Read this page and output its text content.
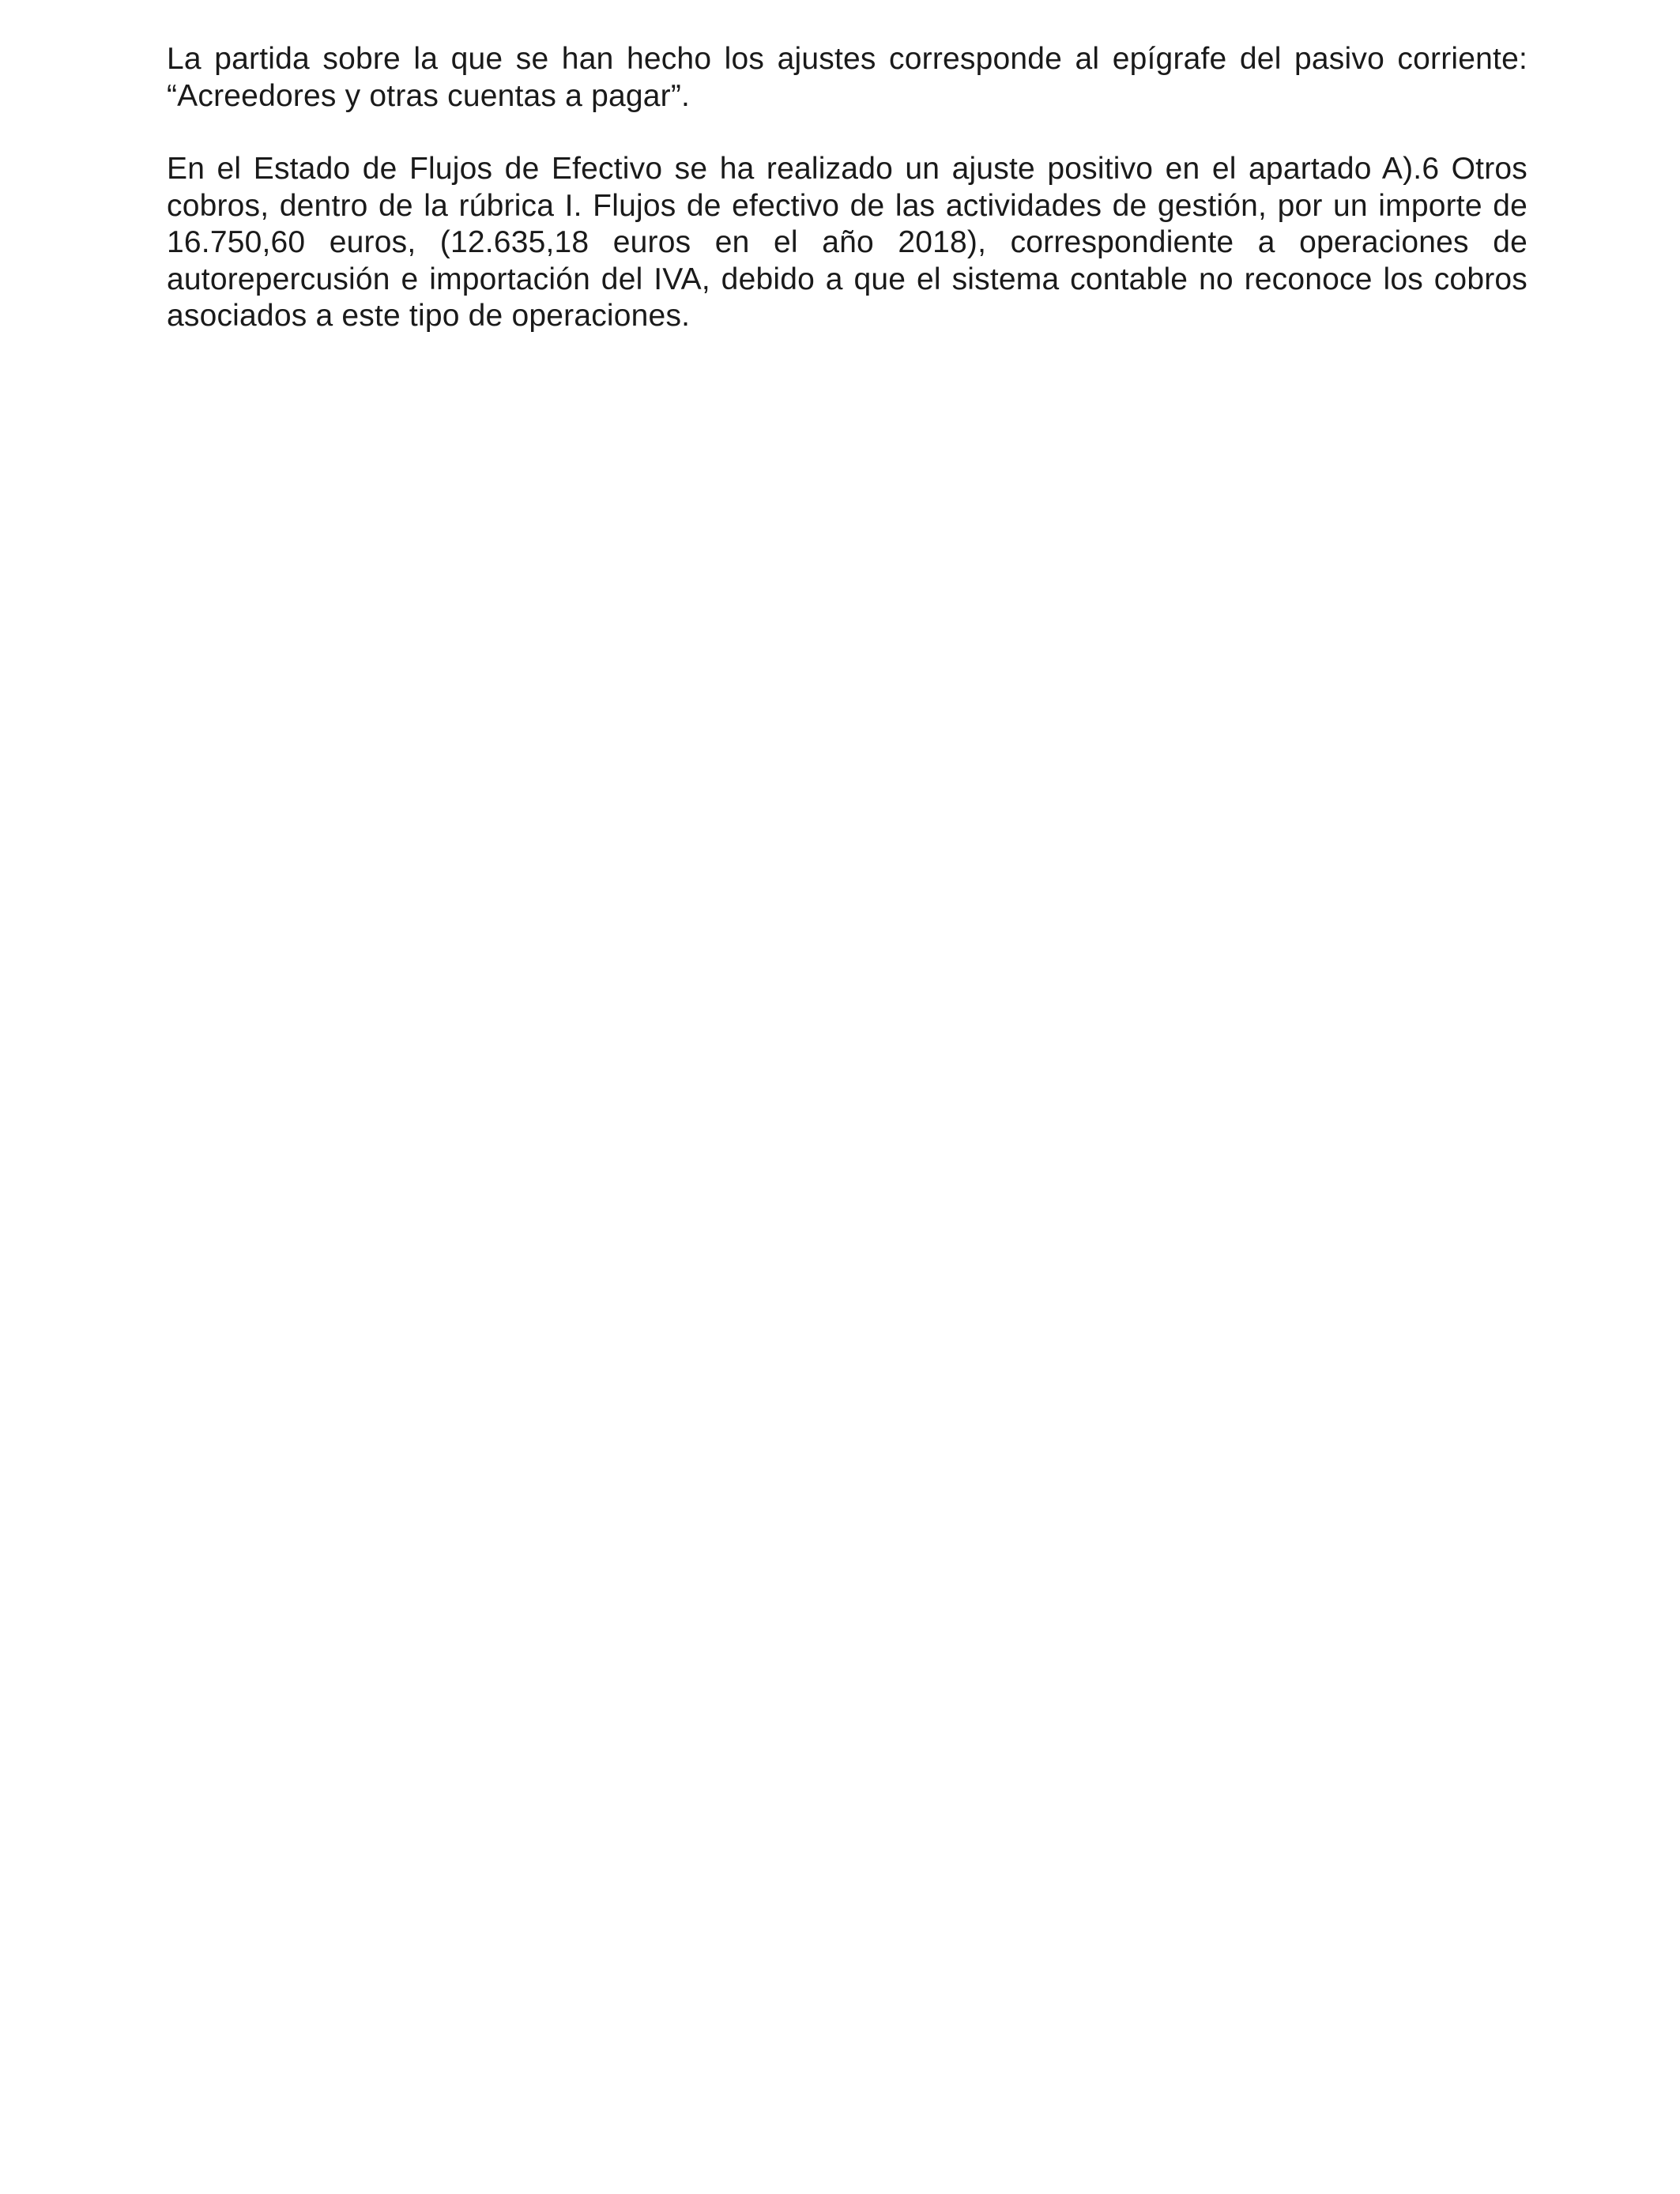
La partida sobre la que se han hecho los ajustes corresponde al epígrafe del pasivo corriente: “Acreedores y otras cuentas a pagar”.

En el Estado de Flujos de Efectivo se ha realizado un ajuste positivo en el apartado A).6 Otros cobros, dentro de la rúbrica I. Flujos de efectivo de las actividades de gestión, por un importe de 16.750,60 euros, (12.635,18 euros en el año 2018), correspondiente a operaciones de autorepercusión e importación del IVA, debido a que el sistema contable no reconoce los cobros asociados a este tipo de operaciones.
